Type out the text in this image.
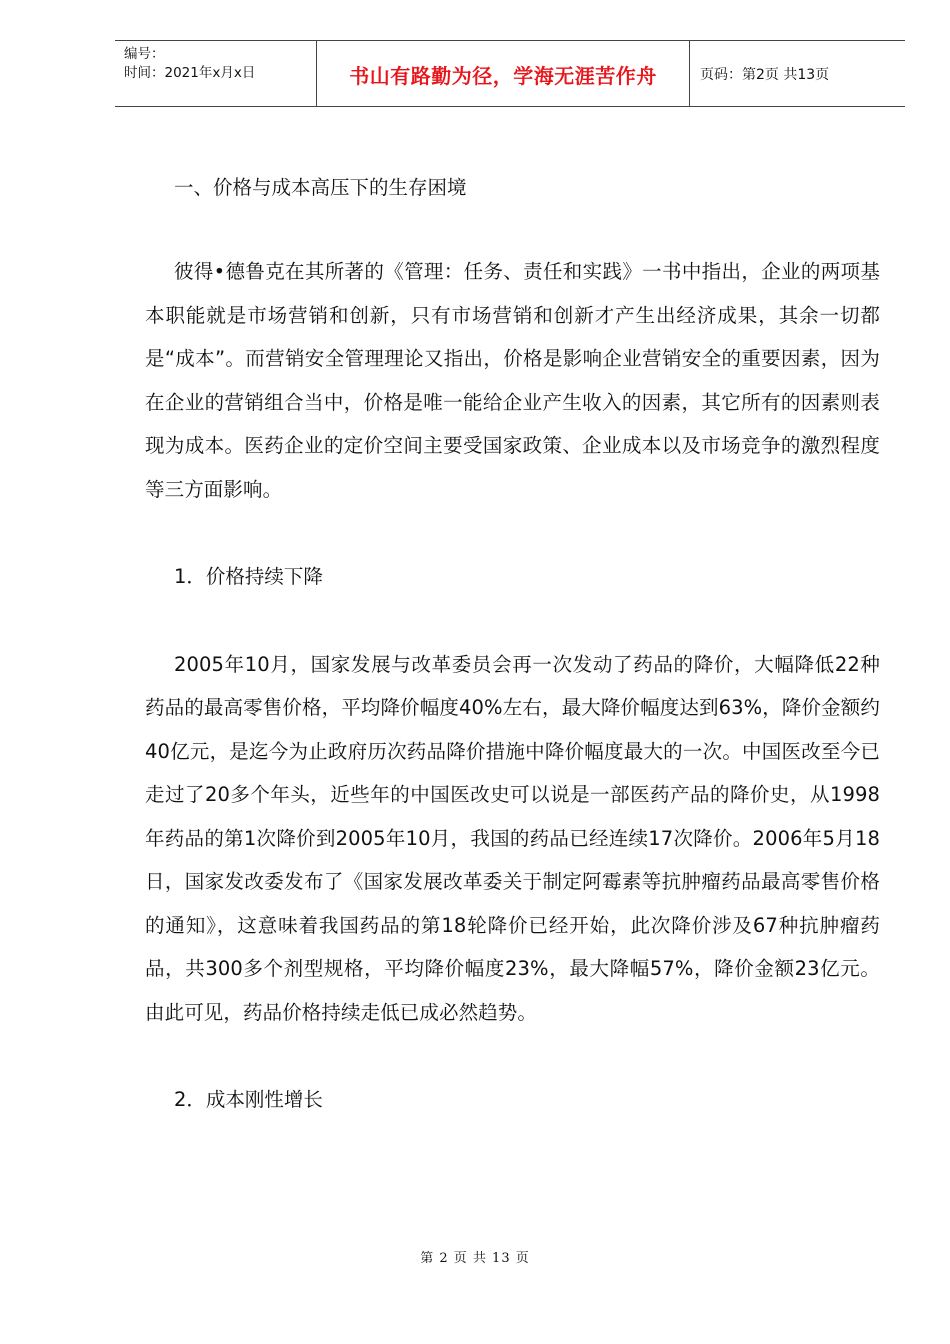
编号：
时间：2021年x月x日	书山有路勤为径，学海无涯苦作舟	页码：第2页 共13页

一、价格与成本高压下的生存困境

彼得•德鲁克在其所著的《管理：任务、责任和实践》一书中指出，企业的两项基本职能就是市场营销和创新，只有市场营销和创新才产生出经济成果，其余一切都是“成本”。而营销安全管理理论又指出，价格是影响企业营销安全的重要因素，因为在企业的营销组合当中，价格是唯一能给企业产生收入的因素，其它所有的因素则表现为成本。医药企业的定价空间主要受国家政策、企业成本以及市场竞争的激烈程度等三方面影响。

1．价格持续下降

2005年10月，国家发展与改革委员会再一次发动了药品的降价，大幅降低22种药品的最高零售价格，平均降价幅度40%左右，最大降价幅度达到63%，降价金额约40亿元，是迄今为止政府历次药品降价措施中降价幅度最大的一次。中国医改至今已走过了20多个年头，近些年的中国医改史可以说是一部医药产品的降价史，从1998年药品的第1次降价到2005年10月，我国的药品已经连续17次降价。2006年5月18日，国家发改委发布了《国家发展改革委关于制定阿霉素等抗肿瘤药品最高零售价格的通知》，这意味着我国药品的第18轮降价已经开始，此次降价涉及67种抗肿瘤药品，共300多个剂型规格，平均降价幅度23%，最大降幅57%，降价金额23亿元。由此可见，药品价格持续走低已成必然趋势。

2．成本刚性增长

第 2 页 共 13 页
